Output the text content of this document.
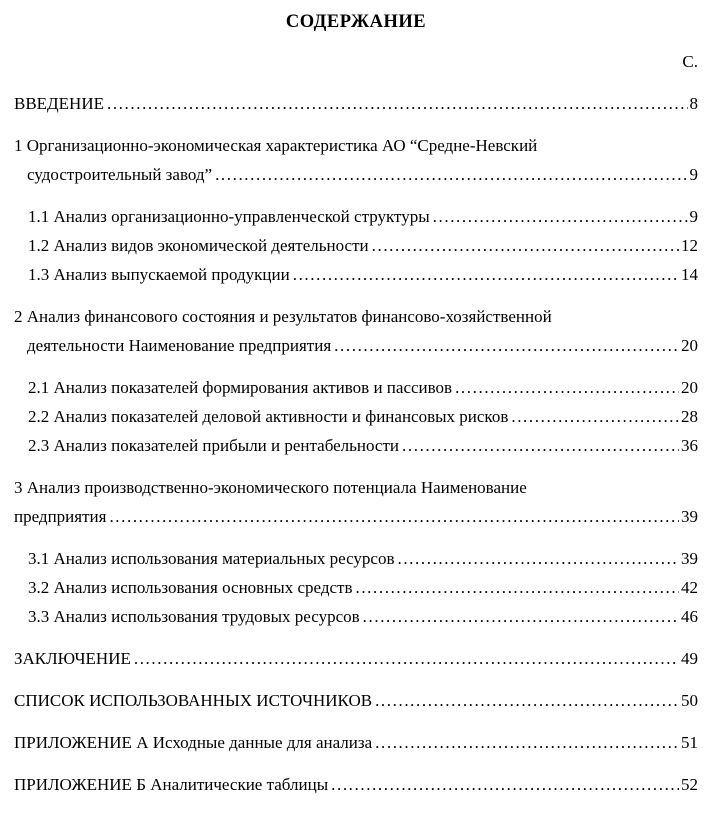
СОДЕРЖАНИЕ
С.
ВВЕДЕНИЕ .....	8
1 Организационно-экономическая характеристика АО “Средне-Невский
судостроительный завод” .....	9
1.1 Анализ организационно-управленческой структуры .....	9
1.2 Анализ видов экономической деятельности .....	12
1.3 Анализ выпускаемой продукции .....	14
2 Анализ финансового состояния и результатов финансово-хозяйственной
деятельности Наименование предприятия .....	20
2.1 Анализ показателей формирования активов и пассивов .....	20
2.2 Анализ показателей деловой активности и финансовых рисков .....	28
2.3 Анализ показателей прибыли и рентабельности .....	36
3 Анализ производственно-экономического потенциала Наименование
предприятия .....	39
3.1 Анализ использования материальных ресурсов .....	39
3.2 Анализ использования основных средств .....	42
3.3 Анализ использования трудовых ресурсов .....	46
ЗАКЛЮЧЕНИЕ .....	49
СПИСОК ИСПОЛЬЗОВАННЫХ ИСТОЧНИКОВ .....	50
ПРИЛОЖЕНИЕ А Исходные данные для анализа .....	51
ПРИЛОЖЕНИЕ Б Аналитические таблицы .....	52
